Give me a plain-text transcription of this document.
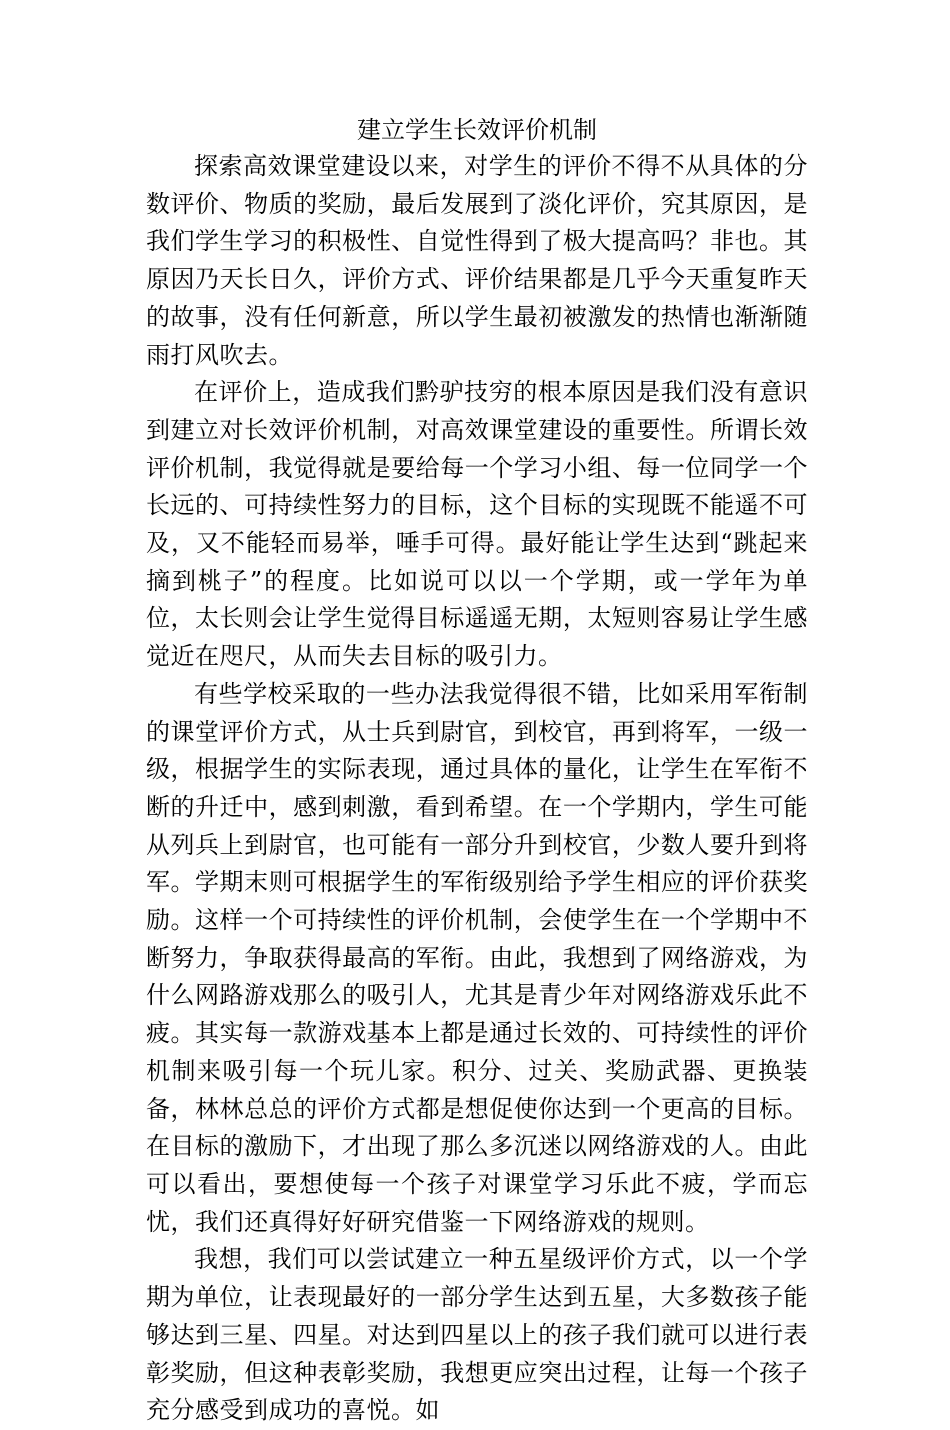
建立学生长效评价机制

探索高效课堂建设以来，对学生的评价不得不从具体的分数评价、物质的奖励，最后发展到了淡化评价，究其原因，是我们学生学习的积极性、自觉性得到了极大提高吗？非也。其原因乃天长日久，评价方式、评价结果都是几乎今天重复昨天的故事，没有任何新意，所以学生最初被激发的热情也渐渐随雨打风吹去。

在评价上，造成我们黔驴技穷的根本原因是我们没有意识到建立对长效评价机制，对高效课堂建设的重要性。所谓长效评价机制，我觉得就是要给每一个学习小组、每一位同学一个长远的、可持续性努力的目标，这个目标的实现既不能遥不可及，又不能轻而易举，唾手可得。最好能让学生达到“跳起来摘到桃子”的程度。比如说可以以一个学期，或一学年为单位，太长则会让学生觉得目标遥遥无期，太短则容易让学生感觉近在咫尺，从而失去目标的吸引力。

有些学校采取的一些办法我觉得很不错，比如采用军衔制的课堂评价方式，从士兵到尉官，到校官，再到将军，一级一级，根据学生的实际表现，通过具体的量化，让学生在军衔不断的升迁中，感到刺激，看到希望。在一个学期内，学生可能从列兵上到尉官，也可能有一部分升到校官，少数人要升到将军。学期末则可根据学生的军衔级别给予学生相应的评价获奖励。这样一个可持续性的评价机制，会使学生在一个学期中不断努力，争取获得最高的军衔。由此，我想到了网络游戏，为什么网路游戏那么的吸引人，尤其是青少年对网络游戏乐此不疲。其实每一款游戏基本上都是通过长效的、可持续性的评价机制来吸引每一个玩儿家。积分、过关、奖励武器、更换装备，林林总总的评价方式都是想促使你达到一个更高的目标。在目标的激励下，才出现了那么多沉迷以网络游戏的人。由此可以看出，要想使每一个孩子对课堂学习乐此不疲，学而忘忧，我们还真得好好研究借鉴一下网络游戏的规则。

我想，我们可以尝试建立一种五星级评价方式，以一个学期为单位，让表现最好的一部分学生达到五星，大多数孩子能够达到三星、四星。对达到四星以上的孩子我们就可以进行表彰奖励，但这种表彰奖励，我想更应突出过程，让每一个孩子充分感受到成功的喜悦。如
